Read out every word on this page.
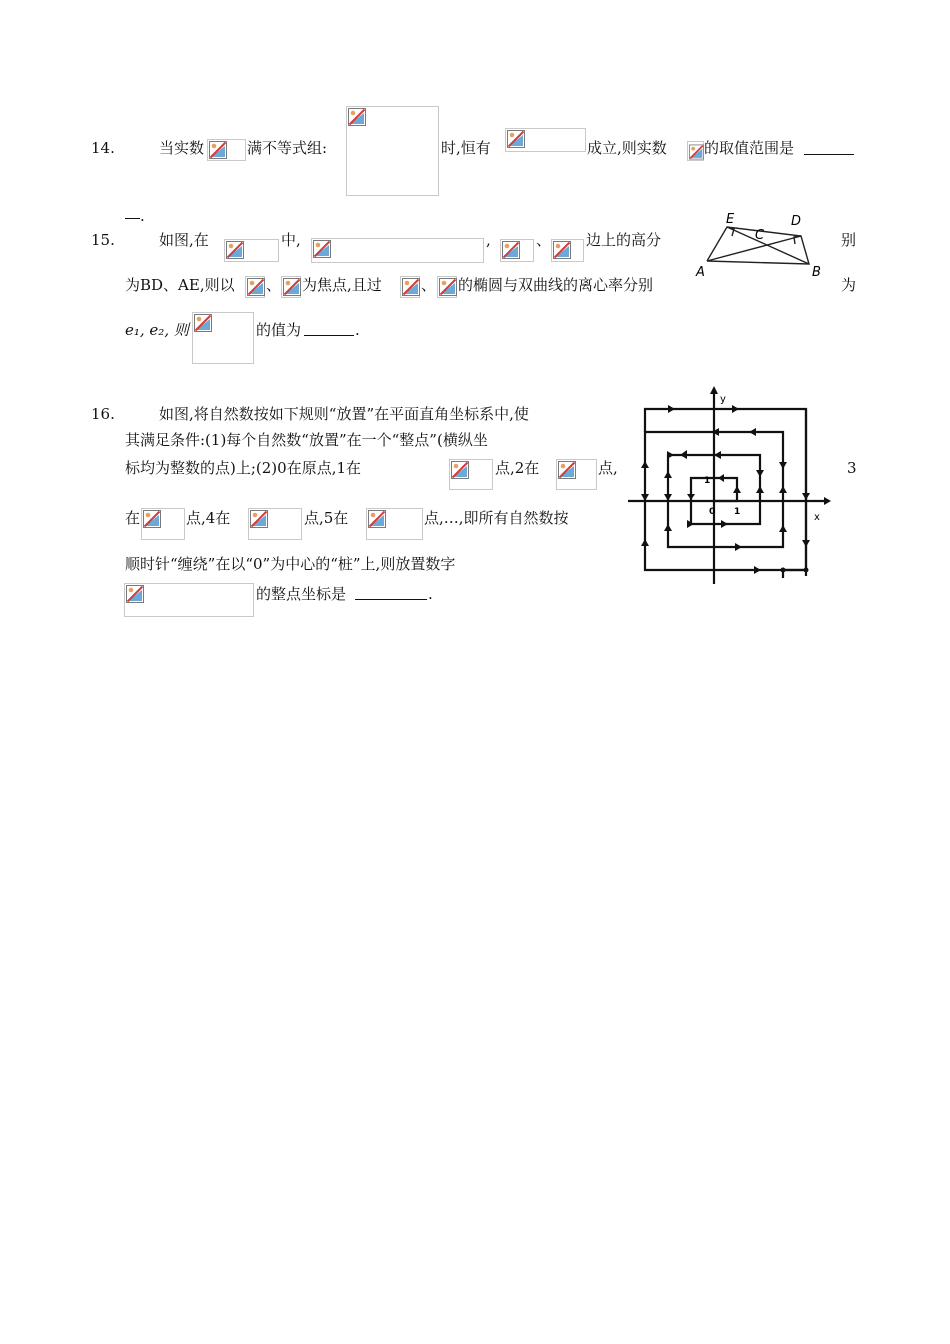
14.	当实数	满不等式组:	时,恒有	成立,则实数 的取值范围是
.
15.	如图,在	中,	,	、 边上的高分	别
E
C
D
A	B
为BD、AE,则以 、 为焦点,且过	、 的椭圆与双曲线的离心率分别	为
e₁, e₂, 则	的值为	.
16.	如图,将自然数按如下规则“放置”在平面直角坐标系中,使
其满足条件:(1)每个自然数“放置”在一个“整点”(横纵坐
标均为整数的点)上;(2)0在原点,1在	点,2在	点,	3
在	点,4在	点,5在	点,…,即所有自然数按
顺时针“缠绕”在以“0”为中心的“桩”上,则放置数字
的整点坐标是	.
y
x
0 1
1
